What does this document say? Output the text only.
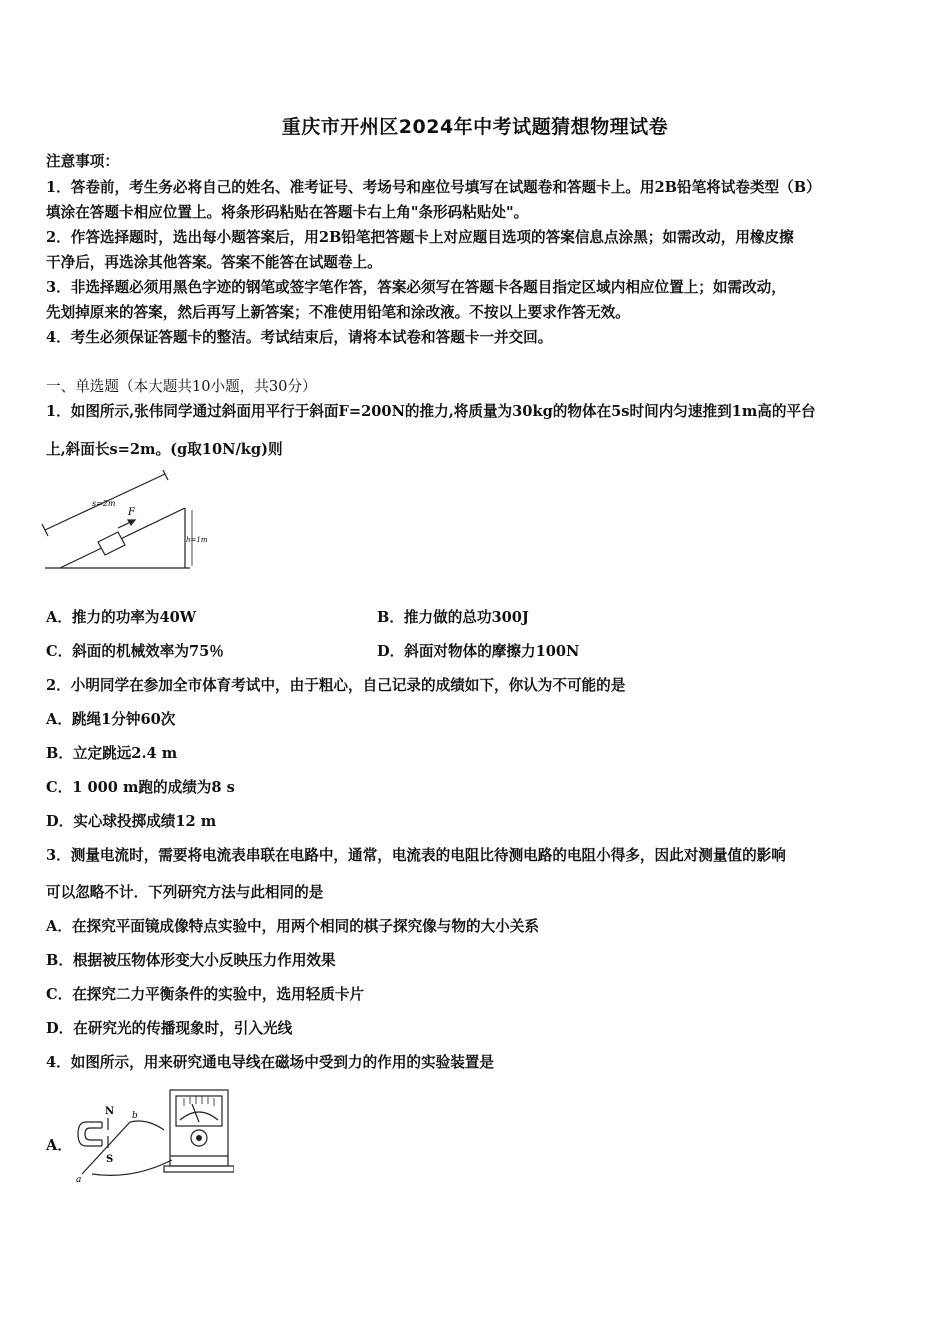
重庆市开州区2024年中考试题猜想物理试卷
注意事项：
1．答卷前，考生务必将自己的姓名、准考证号、考场号和座位号填写在试题卷和答题卡上。用2B铅笔将试卷类型（B）
填涂在答题卡相应位置上。将条形码粘贴在答题卡右上角"条形码粘贴处"。
2．作答选择题时，选出每小题答案后，用2B铅笔把答题卡上对应题目选项的答案信息点涂黑；如需改动，用橡皮擦
干净后，再选涂其他答案。答案不能答在试题卷上。
3．非选择题必须用黑色字迹的钢笔或签字笔作答，答案必须写在答题卡各题目指定区域内相应位置上；如需改动，
先划掉原来的答案，然后再写上新答案；不准使用铅笔和涂改液。不按以上要求作答无效。
4．考生必须保证答题卡的整洁。考试结束后，请将本试卷和答题卡一并交回。
一、单选题（本大题共10小题，共30分）
1．如图所示,张伟同学通过斜面用平行于斜面F=200N的推力,将质量为30kg的物体在5s时间内匀速推到1m高的平台
上,斜面长s=2m。(g取10N/kg)则
s=2m
F
h=1m
A．推力的功率为40W	B．推力做的总功300J
C．斜面的机械效率为75％	D．斜面对物体的摩擦力100N
2．小明同学在参加全市体育考试中，由于粗心，自己记录的成绩如下，你认为不可能的是
A．跳绳1分钟60次
B．立定跳远2.4 m
C．1 000 m跑的成绩为8 s
D．实心球投掷成绩12 m
3．测量电流时，需要将电流表串联在电路中，通常，电流表的电阻比待测电路的电阻小得多，因此对测量值的影响
可以忽略不计．下列研究方法与此相同的是
A．在探究平面镜成像特点实验中，用两个相同的棋子探究像与物的大小关系
B．根据被压物体形变大小反映压力作用效果
C．在探究二力平衡条件的实验中，选用轻质卡片
D．在研究光的传播现象时，引入光线
4．如图所示，用来研究通电导线在磁场中受到力的作用的实验装置是
A．
N
S
a
b
